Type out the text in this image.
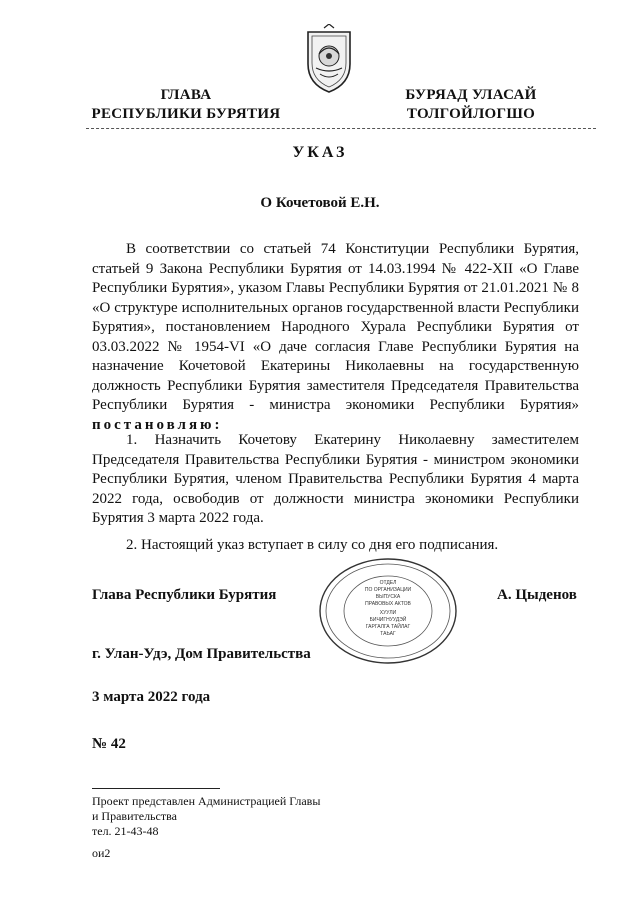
ГЛАВА
РЕСПУБЛИКИ БУРЯТИЯ
БУРЯАД УЛАСАЙ
ТОЛГОЙЛОГШО
УКАЗ
О Кочетовой Е.Н.
В соответствии со статьей 74 Конституции Республики Бурятия, статьей 9 Закона Республики Бурятия от 14.03.1994 № 422-XII «О Главе Республики Бурятия», указом Главы Республики Бурятия от 21.01.2021 № 8 «О структуре исполнительных органов государственной власти Республики Бурятия», постановлением Народного Хурала Республики Бурятия от 03.03.2022 № 1954-VI «О даче согласия Главе Республики Бурятия на назначение Кочетовой Екатерины Николаевны на государственную должность Республики Бурятия заместителя Председателя Правительства Республики Бурятия - министра экономики Республики Бурятия» постановляю:
1. Назначить Кочетову Екатерину Николаевну заместителем Председателя Правительства Республики Бурятия - министром экономики Республики Бурятия, членом Правительства Республики Бурятия 4 марта 2022 года, освободив от должности министра экономики Республики Бурятия 3 марта 2022 года.
2. Настоящий указ вступает в силу со дня его подписания.
ОТДЕЛ
ПО ОРГАНИЗАЦИИ
ВЫПУСКА
ПРАВОВЫХ АКТОВ
ХУУЛИ
БИЧИГНУУДЭЙ
ГАРГАЛГА ТАЙЛАГ
ТАЬАГ
Глава Республики Бурятия	А. Цыденов
г. Улан-Удэ, Дом Правительства
3 марта 2022 года
№ 42
Проект представлен Администрацией Главы
и Правительства
тел. 21-43-48
ои2
